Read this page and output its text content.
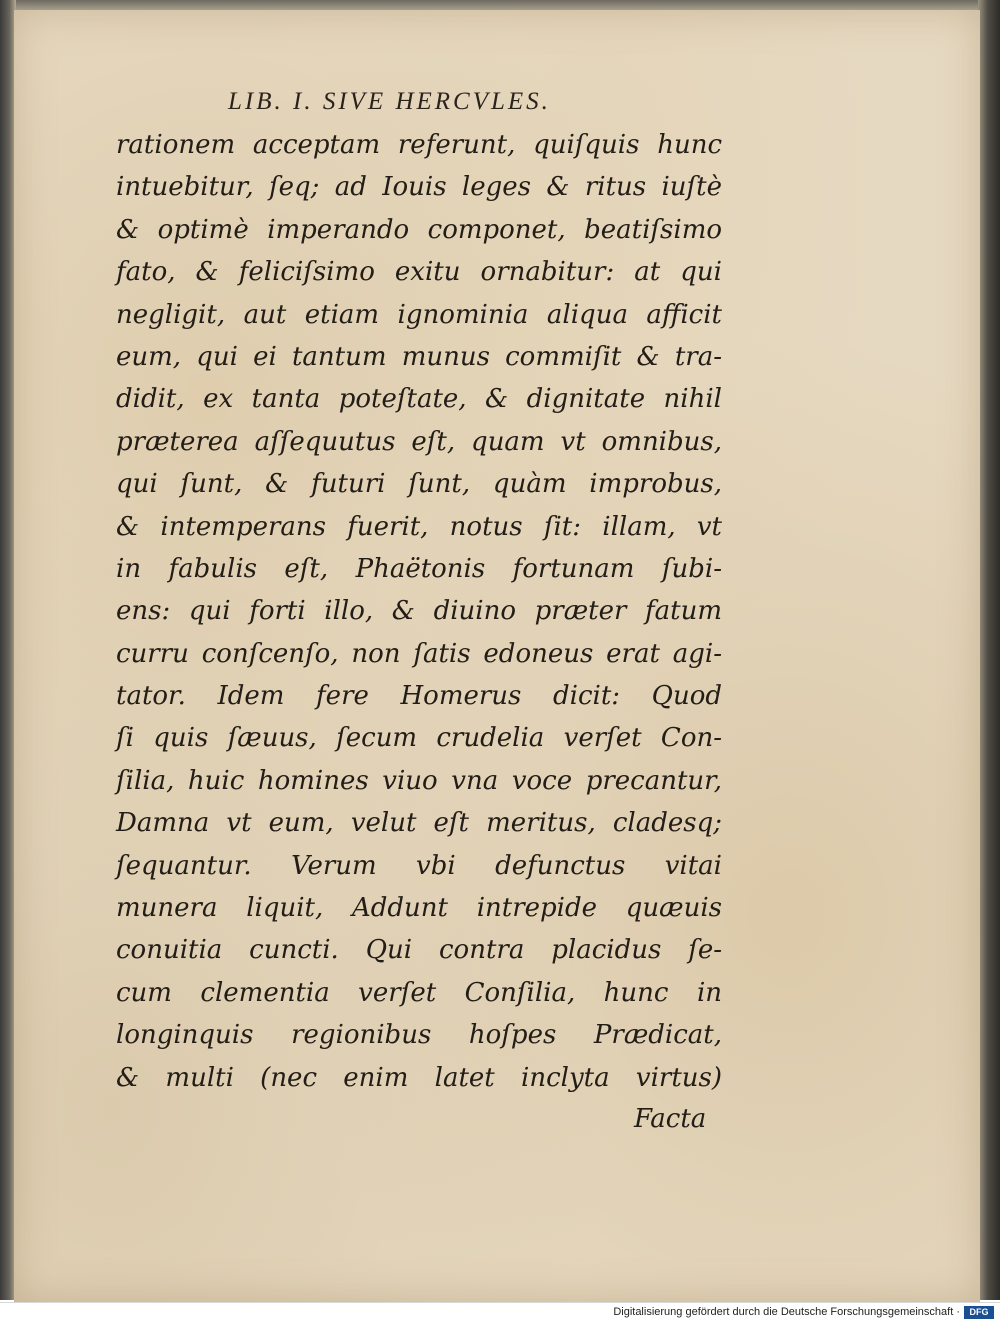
LIB. I. SIVE HERCVLES.
rationem acceptam referunt, quiſquis hunc
intuebitur, ſeq; ad Iouis leges & ritus iuſtè
& optimè imperando componet, beatiſsimo
fato, & feliciſsimo exitu ornabitur: at qui
negligit, aut etiam ignominia aliqua afficit
eum, qui ei tantum munus commiſit & tra-
didit, ex tanta poteſtate, & dignitate nihil
prӕterea aſſequutus eſt, quam vt omnibus,
qui ſunt, & futuri ſunt, quàm improbus,
& intemperans fuerit, notus ſit: illam, vt
in fabulis eſt, Phaëtonis fortunam ſubi-
ens: qui forti illo, & diuino prӕter fatum
curru conſcenſo, non ſatis edoneus erat agi-
tator. Idem fere Homerus dicit: Quod
ſi quis ſӕuus, ſecum crudelia verſet Con-
ſilia, huic homines viuo vna voce precantur,
Damna vt eum, velut eſt meritus, cladesq;
ſequantur. Verum vbi defunctus vitai
munera liquit, Addunt intrepide quӕuis
conuitia cuncti. Qui contra placidus ſe-
cum clementia verſet Conſilia, hunc in
longinquis regionibus hoſpes Prӕdicat,
& multi (nec enim latet inclyta virtus)
Facta
Digitalisierung gefördert durch die Deutsche Forschungsgemeinschaft ·	DFG
